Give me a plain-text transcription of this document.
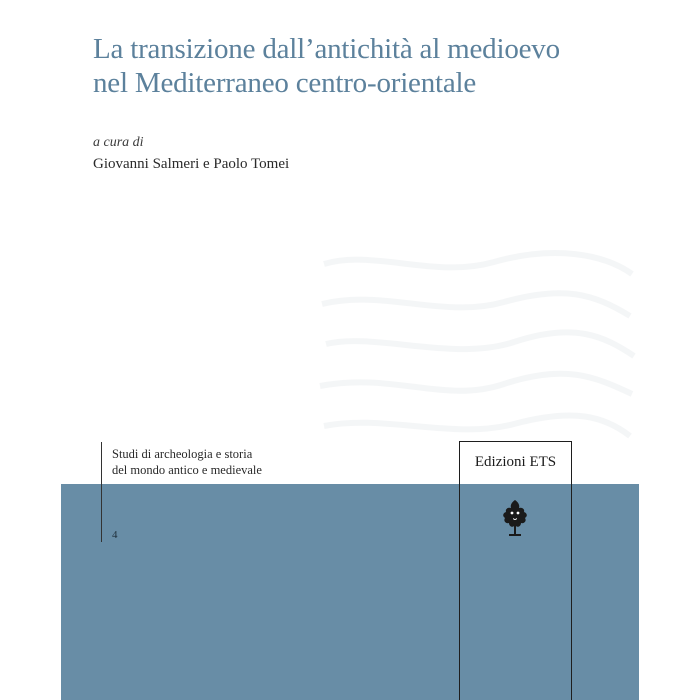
La transizione dall’antichità al medioevo
nel Mediterraneo centro-orientale
a cura di
Giovanni Salmeri e Paolo Tomei
Studi di archeologia e storia
del mondo antico e medievale
4
Edizioni ETS
